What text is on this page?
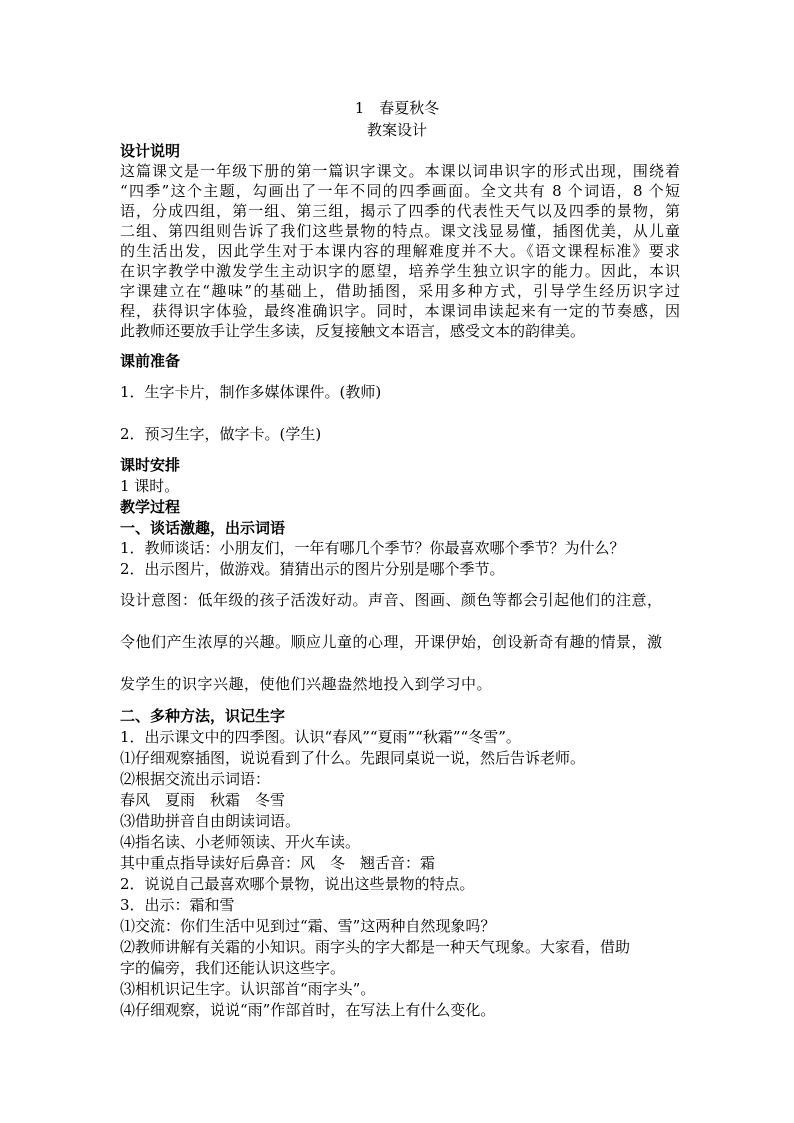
1　春夏秋冬
教案设计
设计说明
这篇课文是一年级下册的第一篇识字课文。本课以词串识字的形式出现，围绕着
“四季”这个主题，勾画出了一年不同的四季画面。全文共有 8 个词语，8 个短
语，分成四组，第一组、第三组，揭示了四季的代表性天气以及四季的景物，第
二组、第四组则告诉了我们这些景物的特点。课文浅显易懂，插图优美，从儿童
的生活出发，因此学生对于本课内容的理解难度并不大。《语文课程标准》要求
在识字教学中激发学生主动识字的愿望，培养学生独立识字的能力。因此，本识
字课建立在“趣味”的基础上，借助插图，采用多种方式，引导学生经历识字过
程，获得识字体验，最终准确识字。同时，本课词串读起来有一定的节奏感，因
此教师还要放手让学生多读，反复接触文本语言，感受文本的韵律美。
课前准备
1．生字卡片，制作多媒体课件。(教师)
2．预习生字，做字卡。(学生)
课时安排
1 课时。
教学过程
一、谈话激趣，出示词语
1．教师谈话：小朋友们，一年有哪几个季节？你最喜欢哪个季节？为什么？
2．出示图片，做游戏。猜猜出示的图片分别是哪个季节。
设计意图：低年级的孩子活泼好动。声音、图画、颜色等都会引起他们的注意，
令他们产生浓厚的兴趣。顺应儿童的心理，开课伊始，创设新奇有趣的情景，激
发学生的识字兴趣，使他们兴趣盎然地投入到学习中。
二、多种方法，识记生字
1．出示课文中的四季图。认识“春风”“夏雨”“秋霜”“冬雪”。
⑴仔细观察插图，说说看到了什么。先跟同桌说一说，然后告诉老师。
⑵根据交流出示词语：
春风　夏雨　秋霜　冬雪
⑶借助拼音自由朗读词语。
⑷指名读、小老师领读、开火车读。
其中重点指导读好后鼻音：风　冬　翘舌音：霜
2．说说自己最喜欢哪个景物，说出这些景物的特点。
3．出示：霜和雪
⑴交流：你们生活中见到过“霜、雪”这两种自然现象吗？
⑵教师讲解有关霜的小知识。雨字头的字大都是一种天气现象。大家看，借助
字的偏旁，我们还能认识这些字。
⑶相机识记生字。认识部首“雨字头”。
⑷仔细观察，说说“雨”作部首时，在写法上有什么变化。
